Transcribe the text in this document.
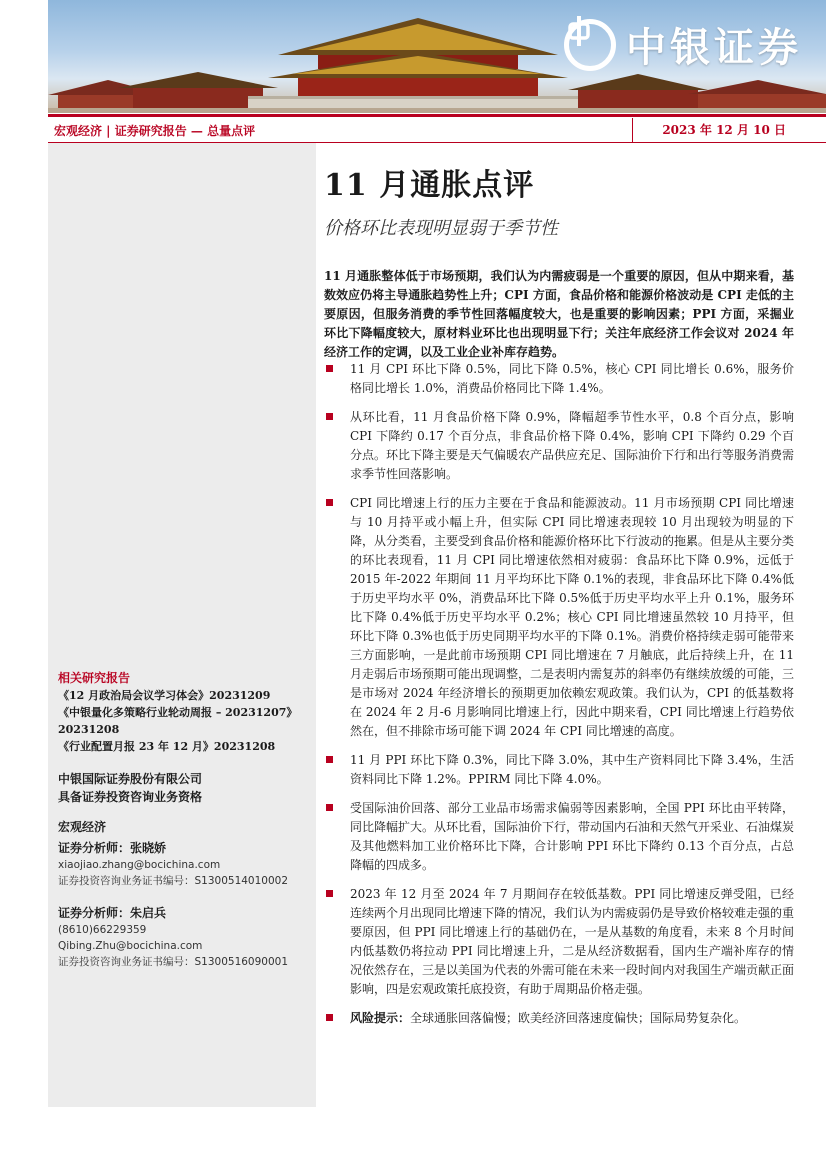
中银证券
宏观经济 | 证券研究报告 — 总量点评	2023 年 12 月 10 日
相关研究报告
《12 月政治局会议学习体会》20231209
《中银量化多策略行业轮动周报 – 20231207》20231208
《行业配置月报 23 年 12 月》20231208
中银国际证券股份有限公司
具备证券投资咨询业务资格
宏观经济
证券分析师：张晓娇
xiaojiao.zhang@bocichina.com
证券投资咨询业务证书编号：S1300514010002
证券分析师：朱启兵
(8610)66229359
Qibing.Zhu@bocichina.com
证券投资咨询业务证书编号：S1300516090001
11 月通胀点评
价格环比表现明显弱于季节性
11 月通胀整体低于市场预期，我们认为内需疲弱是一个重要的原因，但从中期来看，基数效应仍将主导通胀趋势性上升；CPI 方面，食品价格和能源价格波动是 CPI 走低的主要原因，但服务消费的季节性回落幅度较大，也是重要的影响因素；PPI 方面，采掘业环比下降幅度较大，原材料业环比也出现明显下行；关注年底经济工作会议对 2024 年经济工作的定调，以及工业企业补库存趋势。
11 月 CPI 环比下降 0.5%，同比下降 0.5%，核心 CPI 同比增长 0.6%，服务价格同比增长 1.0%，消费品价格同比下降 1.4%。
从环比看，11 月食品价格下降 0.9%，降幅超季节性水平，0.8 个百分点，影响 CPI 下降约 0.17 个百分点，非食品价格下降 0.4%，影响 CPI 下降约 0.29 个百分点。环比下降主要是天气偏暖农产品供应充足、国际油价下行和出行等服务消费需求季节性回落影响。
CPI 同比增速上行的压力主要在于食品和能源波动。11 月市场预期 CPI 同比增速与 10 月持平或小幅上升，但实际 CPI 同比增速表现较 10 月出现较为明显的下降，从分类看，主要受到食品价格和能源价格环比下行波动的拖累。但是从主要分类的环比表现看，11 月 CPI 同比增速依然相对疲弱：食品环比下降 0.9%，远低于 2015 年-2022 年期间 11 月平均环比下降 0.1%的表现，非食品环比下降 0.4%低于历史平均水平 0%，消费品环比下降 0.5%低于历史平均水平上升 0.1%，服务环比下降 0.4%低于历史平均水平 0.2%；核心 CPI 同比增速虽然较 10 月持平，但环比下降 0.3%也低于历史同期平均水平的下降 0.1%。消费价格持续走弱可能带来三方面影响，一是此前市场预期 CPI 同比增速在 7 月触底，此后持续上升，在 11 月走弱后市场预期可能出现调整，二是表明内需复苏的斜率仍有继续放缓的可能，三是市场对 2024 年经济增长的预期更加依赖宏观政策。我们认为，CPI 的低基数将在 2024 年 2 月-6 月影响同比增速上行，因此中期来看，CPI 同比增速上行趋势依然在，但不排除市场可能下调 2024 年 CPI 同比增速的高度。
11 月 PPI 环比下降 0.3%，同比下降 3.0%，其中生产资料同比下降 3.4%，生活资料同比下降 1.2%。PPIRM 同比下降 4.0%。
受国际油价回落、部分工业品市场需求偏弱等因素影响，全国 PPI 环比由平转降，同比降幅扩大。从环比看，国际油价下行，带动国内石油和天然气开采业、石油煤炭及其他燃料加工业价格环比下降，合计影响 PPI 环比下降约 0.13 个百分点，占总降幅的四成多。
2023 年 12 月至 2024 年 7 月期间存在较低基数。PPI 同比增速反弹受阻，已经连续两个月出现同比增速下降的情况，我们认为内需疲弱仍是导致价格较难走强的重要原因，但 PPI 同比增速上行的基础仍在，一是从基数的角度看，未来 8 个月时间内低基数仍将拉动 PPI 同比增速上升，二是从经济数据看，国内生产端补库存的情况依然存在，三是以美国为代表的外需可能在未来一段时间内对我国生产端贡献正面影响，四是宏观政策托底投资，有助于周期品价格走强。
风险提示：全球通胀回落偏慢；欧美经济回落速度偏快；国际局势复杂化。
